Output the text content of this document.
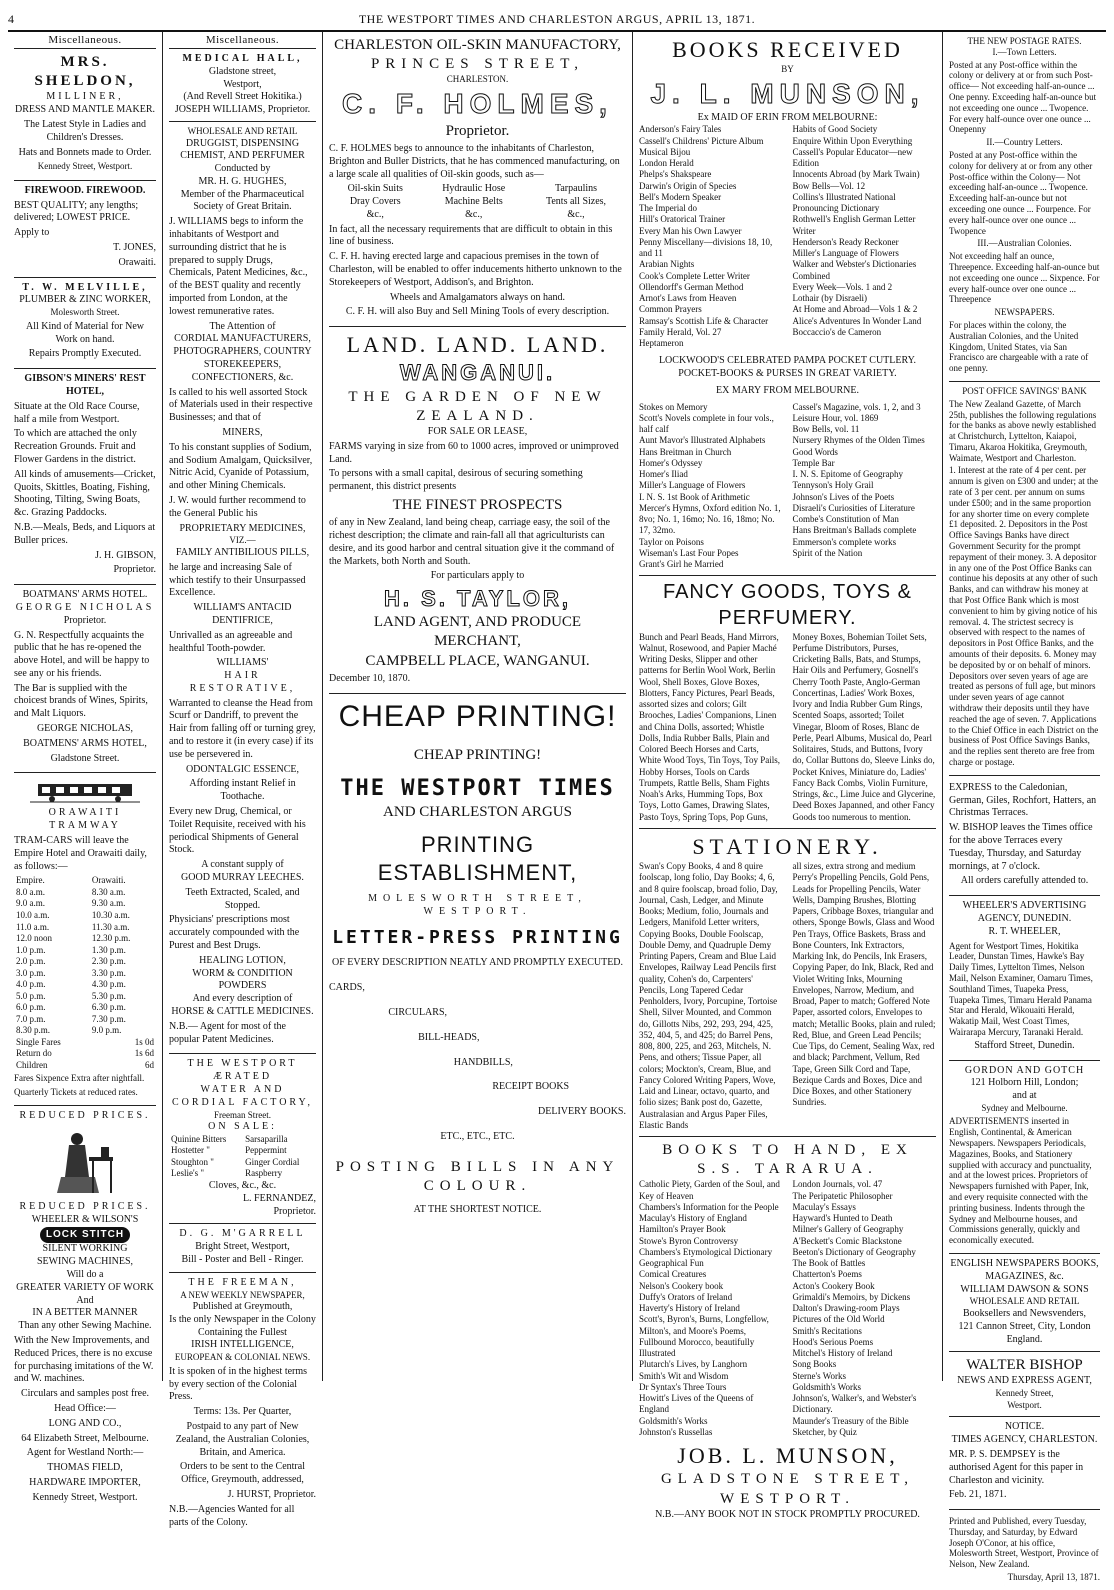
4	THE WESTPORT TIMES AND CHARLESTON ARGUS, APRIL 13, 1871.
Miscellaneous.
MRS. SHELDON,
MILLINER,
DRESS AND MANTLE MAKER.

The Latest Style in Ladies and Children's Dresses.

Hats and Bonnets made to Order.

Kennedy Street, Westport.

FIREWOOD. FIREWOOD.

BEST QUALITY; any lengths; delivered; LOWEST PRICE.

Apply to

T. JONES,

Orawaiti.

T. W. MELVILLE,
PLUMBER & ZINC WORKER,
Molesworth Street.

All Kind of Material for New Work on hand.

Repairs Promptly Executed.

GIBSON'S MINERS' REST HOTEL,

Situate at the Old Race Course, half a mile from Westport.

To which are attached the only Recreation Grounds. Fruit and Flower Gardens in the district.

All kinds of amusements—Cricket, Quoits, Skittles, Boating, Fishing, Shooting, Tilting, Swing Boats, &c. Grazing Paddocks.

N.B.—Meals, Beds, and Liquors at Buller prices.

J. H. GIBSON,

Proprietor.

BOATMANS' ARMS HOTEL.
GEORGE NICHOLAS
Proprietor.

G. N. Respectfully acquaints the public that he has re-opened the above Hotel, and will be happy to see any or his friends.

The Bar is supplied with the choicest brands of Wines, Spirits, and Malt Liquors.

GEORGE NICHOLAS,

BOATMENS' ARMS HOTEL,

Gladstone Street.

ORAWAITI TRAMWAY

TRAM-CARS will leave the Empire Hotel and Orawaiti daily, as follows:—

Empire.	Orawaiti.
8.0 a.m.	8.30 a.m.
9.0 a.m.	9.30 a.m.
10.0 a.m.	10.30 a.m.
11.0 a.m.	11.30 a.m.
12.0 noon	12.30 p.m.
1.0 p.m.	1.30 p.m.
2.0 p.m.	2.30 p.m.
3.0 p.m.	3.30 p.m.
4.0 p.m.	4.30 p.m.
5.0 p.m.	5.30 p.m.
6.0 p.m.	6.30 p.m.
7.0 p.m.	7.30 p.m.
8.30 p.m.	9.0 p.m.
Single Fares	1s 0d
Return do	1s 6d
Children	6d

Fares Sixpence Extra after nightfall.

Quarterly Tickets at reduced rates.

REDUCED PRICES.
REDUCED PRICES.
WHEELER & WILSON'S
LOCK STITCH
SILENT WORKING
SEWING MACHINES,
Will do a
GREATER VARIETY OF WORK
And
IN A BETTER MANNER
Than any other Sewing Machine.

With the New Improvements, and Reduced Prices, there is no excuse for purchasing imitations of the W. and W. machines.

Circulars and samples post free.

Head Office:—

LONG AND CO.,

64 Elizabeth Street, Melbourne.

Agent for Westland North:—

THOMAS FIELD,

HARDWARE IMPORTER,

Kennedy Street, Westport.

Miscellaneous.
MEDICAL HALL,
Gladstone street,
Westport,
(And Revell Street Hokitika.)
JOSEPH WILLIAMS, Proprietor.
WHOLESALE AND RETAIL
DRUGGIST, DISPENSING
CHEMIST, AND PERFUMER
Conducted by
MR. H. G. HUGHES,
Member of the Pharmaceutical Society of Great Britain.

J. WILLIAMS begs to inform the inhabitants of Westport and surrounding district that he is prepared to supply Drugs, Chemicals, Patent Medicines, &c., of the BEST quality and recently imported from London, at the lowest remunerative rates.

The Attention of
CORDIAL MANUFACTURERS, PHOTOGRAPHERS, COUNTRY STOREKEEPERS, CONFECTIONERS, &c.

Is called to his well assorted Stock of Materials used in their respective Businesses; and that of

MINERS,

To his constant supplies of Sodium, and Sodium Amalgam, Quicksilver, Nitric Acid, Cyanide of Potassium, and other Mining Chemicals.

J. W. would further recommend to the General Public his

PROPRIETARY MEDICINES,
VIZ.—
FAMILY ANTIBILIOUS PILLS,

he large and increasing Sale of which testify to their Unsurpassed Excellence.

WILLIAM'S ANTACID DENTIFRICE,

Unrivalled as an agreeable and healthful Tooth-powder.

WILLIAMS'
HAIR RESTORATIVE,

Warranted to cleanse the Head from Scurf or Dandriff, to prevent the Hair from falling off or turning grey, and to restore it (in every case) if its use be persevered in.

ODONTALGIC ESSENCE,

Affording instant Relief in Toothache.

Every new Drug, Chemical, or Toilet Requisite, received with his periodical Shipments of General Stock.

A constant supply of
GOOD MURRAY LEECHES.

Teeth Extracted, Scaled, and Stopped.

Physicians' prescriptions most accurately compounded with the Purest and Best Drugs.

HEALING LOTION,
WORM & CONDITION POWDERS
And every description of
HORSE & CATTLE MEDICINES.

N.B.— Agent for most of the popular Patent Medicines.

THE WESTPORT ÆRATED
WATER AND
CORDIAL FACTORY,
Freeman Street.
ON SALE:
Quinine Bitters	Sarsaparilla
Hostetter "	Peppermint
Stoughton "	Ginger Cordial
Leslie's "	Raspberry
Cloves, &c., &c.
L. FERNANDEZ,
Proprietor.
D. G. M'GARRELL
Bright Street, Westport,
Bill - Poster and Bell - Ringer.
THE FREEMAN,
A NEW WEEKLY NEWSPAPER,
Published at Greymouth,
Is the only Newspaper in the Colony
Containing the Fullest
IRISH INTELLIGENCE,
EUROPEAN & COLONIAL NEWS.

It is spoken of in the highest terms by every section of the Colonial Press.

Terms: 13s. Per Quarter,

Postpaid to any part of New Zealand, the Australian Colonies, Britain, and America.

Orders to be sent to the Central Office, Greymouth, addressed,

J. HURST, Proprietor.

N.B.—Agencies Wanted for all parts of the Colony.

CHARLESTON OIL-SKIN MANUFACTORY,
PRINCES STREET,
CHARLESTON.
C. F. HOLMES,
Proprietor.

C. F. HOLMES begs to announce to the inhabitants of Charleston, Brighton and Buller Districts, that he has commenced manufacturing, on a large scale all qualities of Oil-skin goods, such as—

Oil-skin Suits	Hydraulic Hose	Tarpaulins
Dray Covers	Machine Belts	Tents all Sizes,
&c.,	&c.,	&c.,

In fact, all the necessary requirements that are difficult to obtain in this line of business.

C. F. H. having erected large and capacious premises in the town of Charleston, will be enabled to offer inducements hitherto unknown to the Storekeepers of Westport, Addison's, and Brighton.

Wheels and Amalgamators always on hand.

C. F. H. will also Buy and Sell Mining Tools of every description.

LAND. LAND. LAND.
WANGANUI.
THE GARDEN OF NEW ZEALAND.
FOR SALE OR LEASE,

FARMS varying in size from 60 to 1000 acres, improved or unimproved Land.

To persons with a small capital, desirous of securing something permanent, this district presents

THE FINEST PROSPECTS

of any in New Zealand, land being cheap, carriage easy, the soil of the richest description; the climate and rain-fall all that agriculturists can desire, and its good harbor and central situation give it the command of the Markets, both North and South.

For particulars apply to

H. S. TAYLOR,
LAND AGENT, AND PRODUCE MERCHANT,
CAMPBELL PLACE, WANGANUI.

December 10, 1870.

CHEAP PRINTING!
CHEAP PRINTING!
THE WESTPORT TIMES
AND CHARLESTON ARGUS
PRINTING ESTABLISHMENT,
MOLESWORTH STREET, WESTPORT.
LETTER-PRESS PRINTING
OF EVERY DESCRIPTION NEATLY AND PROMPTLY EXECUTED.
CARDS,
CIRCULARS,
BILL-HEADS,
HANDBILLS,
RECEIPT BOOKS
DELIVERY BOOKS.
ETC., ETC., ETC.
POSTING BILLS IN ANY COLOUR.
AT THE SHORTEST NOTICE.
BOOKS RECEIVED
BY
J. L. MUNSON,
Ex MAID OF ERIN FROM MELBOURNE:

Anderson's Fairy Tales

Cassell's Childrens' Picture Album

Musical Bijou

London Herald

Phelps's Shakspeare

Darwin's Origin of Species

Bell's Modern Speaker

The Imperial do

Hill's Oratorical Trainer

Every Man his Own Lawyer

Penny Miscellany—divisions 18, 10, and 11

Arabian Nights

Cook's Complete Letter Writer

Ollendorff's German Method

Arnot's Laws from Heaven

Common Prayers

Ramsay's Scottish Life & Character

Family Herald, Vol. 27

Heptameron

Habits of Good Society

Enquire Within Upon Everything

Cassell's Popular Educator—new Edition

Innocents Abroad (by Mark Twain)

Bow Bells—Vol. 12

Collins's Illustrated National Pronouncing Dictionary

Rothwell's English German Letter Writer

Henderson's Ready Reckoner

Miller's Language of Flowers

Walker and Webster's Dictionaries Combined

Every Week—Vols. 1 and 2

Lothair (by Disraeli)

At Home and Abroad—Vols 1 & 2

Alice's Adventures In Wonder Land

Boccaccio's de Cameron

LOCKWOOD'S CELEBRATED PAMPA POCKET CUTLERY.
POCKET-BOOKS & PURSES IN GREAT VARIETY.
EX MARY FROM MELBOURNE.

Stokes on Memory

Scott's Novels complete in four vols., half calf

Aunt Mavor's Illustrated Alphabets

Hans Breitman in Church

Homer's Odyssey

Homer's Iliad

Miller's Language of Flowers

I. N. S. 1st Book of Arithmetic

Mercer's Hymns, Oxford edition No. 1, 8vo; No. 1, 16mo; No. 16, 18mo; No. 17, 32mo.

Taylor on Poisons

Wiseman's Last Four Popes

Grant's Girl he Married

Cassel's Magazine, vols. 1, 2, and 3

Leisure Hour, vol. 1869

Bow Bells, vol. 11

Nursery Rhymes of the Olden Times

Good Words

Temple Bar

I. N. S. Epitome of Geography

Tennyson's Holy Grail

Johnson's Lives of the Poets

Disraeli's Curiosities of Literature

Combe's Constitution of Man

Hans Breitman's Ballads complete

Emmerson's complete works

Spirit of the Nation

FANCY GOODS, TOYS & PERFUMERY.

Bunch and Pearl Beads, Hand Mirrors, Walnut, Rosewood, and Papier Maché Writing Desks, Slipper and other patterns for Berlin Wool Work, Berlin Wool, Shell Boxes, Glove Boxes, Blotters, Fancy Pictures, Pearl Beads, assorted sizes and colors; Gilt Brooches, Ladies' Companions, Linen and China Dolls, assorted; Whistle Dolls, India Rubber Balls, Plain and Colored Beech Horses and Carts, White Wood Toys, Tin Toys, Toy Pails, Hobby Horses, Tools on Cards Trumpets, Rattle Bells, Sham Fights Noah's Arks, Humming Tops, Box Toys, Lotto Games, Drawing Slates, Pasto Toys, Spring Tops, Pop Guns,

Money Boxes, Bohemian Toilet Sets, Perfume Distributors, Purses, Cricketing Balls, Bats, and Stumps, Hair Oils and Perfumery, Gosnell's Cherry Tooth Paste, Anglo-German Concertinas, Ladies' Work Boxes, Ivory and India Rubber Gum Rings, Scented Soaps, assorted; Toilet Vinegar, Bloom of Roses, Blanc de Perle, Pearl Albums, Musical do, Pearl Solitaires, Studs, and Buttons, Ivory do, Collar Buttons do, Sleeve Links do, Pocket Knives, Miniature do, Ladies' Fancy Back Combs, Violin Furniture, Strings, &c., Lime Juice and Glycerine, Deed Boxes Japanned, and other Fancy Goods too numerous to mention.

STATIONERY.

Swan's Copy Books, 4 and 8 quire foolscap, long folio, Day Books; 4, 6, and 8 quire foolscap, broad folio, Day, Journal, Cash, Ledger, and Minute Books; Medium, folio, Journals and Ledgers, Manifold Letter writers, Copying Books, Double Foolscap, Double Demy, and Quadruple Demy Printing Papers, Cream and Blue Laid Envelopes, Railway Lead Pencils first quality, Cohen's do, Carpenters' Pencils, Long Tapered Cedar Penholders, Ivory, Porcupine, Tortoise Shell, Silver Mounted, and Common do, Gillotts Nibs, 292, 293, 294, 425, 352, 404, 5, and 425; do Barrel Pens, 808, 800, 225, and 263, Mitchels, N. Pens, and others; Tissue Paper, all colors; Mockton's, Cream, Blue, and Fancy Colored Writing Papers, Wove, Laid and Linear, octavo, quarto, and folio sizes; Bank post do, Gazette, Australasian and Argus Paper Files, Elastic Bands

all sizes, extra strong and medium Perry's Propelling Pencils, Gold Pens, Leads for Propelling Pencils, Water Wells, Damping Brushes, Blotting Papers, Cribbage Boxes, triangular and others, Sponge Bowls, Glass and Wood Pen Trays, Office Baskets, Brass and Bone Counters, Ink Extractors, Marking Ink, do Pencils, Ink Erasers, Copying Paper, do Ink, Black, Red and Violet Writing Inks, Mourning Envelopes, Narrow, Medium, and Broad, Paper to match; Goffered Note Paper, assorted colors, Envelopes to match; Metallic Books, plain and ruled; Red, Blue, and Green Lead Pencils; Cue Tips, do Cement, Sealing Wax, red and black; Parchment, Vellum, Red Tape, Green Silk Cord and Tape, Bezique Cards and Boxes, Dice and Dice Boxes, and other Stationery Sundries.

BOOKS TO HAND, EX S.S. TARARUA.

Catholic Piety, Garden of the Soul, and Key of Heaven

Chambers's Information for the People

Maculay's History of England

Hamilton's Prayer Book

Stowe's Byron Controversy

Chambers's Etymological Dictionary

Geographical Fun

Comical Creatures

Nelson's Cookery book

Duffy's Orators of Ireland

Haverty's History of Ireland

Scott's, Byron's, Burns, Longfellow, Milton's, and Moore's Poems, Fullbound Morocco, beautifully Illustrated

Plutarch's Lives, by Langhorn

Smith's Wit and Wisdom

Dr Syntax's Three Tours

Howitt's Lives of the Queens of England

Goldsmith's Works

Johnston's Russellas

London Journals, vol. 47

The Peripatetic Philosopher

Maculay's Essays

Hayward's Hunted to Death

Milner's Gallery of Geography

A'Beckett's Comic Blackstone

Beeton's Dictionary of Geography

The Book of Battles

Chatterton's Poems

Acton's Cookery Book

Grimaldi's Memoirs, by Dickens

Dalton's Drawing-room Plays

Pictures of the Old World

Smith's Recitations

Hood's Serious Poems

Mitchel's History of Ireland

Song Books

Sterne's Works

Goldsmith's Works

Johnson's, Walker's, and Webster's Dictionary.

Maunder's Treasury of the Bible

Sketcher, by Quiz

JOB. L. MUNSON,
GLADSTONE STREET, WESTPORT.
N.B.—ANY BOOK NOT IN STOCK PROMPTLY PROCURED.
THE NEW POSTAGE RATES.
I.—Town Letters.

Posted at any Post-office within the colony or delivery at or from such Post-office— Not exceeding half-an-ounce ... One penny. Exceeding half-an-ounce but not exceeding one ounce ... Twopence. For every half-ounce over one ounce ... Onepenny

II.—Country Letters.

Posted at any Post-office within the colony for delivery at or from any other Post-office within the Colony— Not exceeding half-an-ounce ... Twopence. Exceeding half-an-ounce but not exceeding one ounce ... Fourpence. For every half-ounce over one ounce ... Twopence

III.—Australian Colonies.

Not exceeding half an ounce, Threepence. Exceeding half-an-ounce but not exceeding one ounce ... Sixpence. For every half-ounce over one ounce ... Threepence

NEWSPAPERS.

For places within the colony, the Australian Colonies, and the United Kingdom, United States, via San Francisco are chargeable with a rate of one penny.

POST OFFICE SAVINGS' BANK

The New Zealand Gazette, of March 25th, publishes the following regulations for the banks as above newly established at Christchurch, Lyttelton, Kaiapoi, Timaru, Akaroa Hokitika, Greymouth, Waimate, Westport and Charleston.

1. Interest at the rate of 4 per cent. per annum is given on £300 and under; at the rate of 3 per cent. per annum on sums under £500; and in the same proportion for any shorter time on every complete £1 deposited. 2. Depositors in the Post Office Savings Banks have direct Government Security for the prompt repayment of their money. 3. A depositor in any one of the Post Office Banks can continue his deposits at any other of such Banks, and can withdraw his money at that Post Office Bank which is most convenient to him by giving notice of his removal. 4. The strictest secrecy is observed with respect to the names of depositors in Post Office Banks, and the amounts of their deposits. 6. Money may be deposited by or on behalf of minors. Depositors over seven years of age are treated as persons of full age, but minors under seven years of age cannot withdraw their deposits until they have reached the age of seven. 7. Applications to the Chief Office in each District on the business of Post Office Savings Banks, and the replies sent thereto are free from charge or postage.

EXPRESS to the Caledonian, German, Giles, Rochfort, Hatters, an Christmas Terraces.

W. BISHOP leaves the Times office for the above Terraces every Tuesday, Thursday, and Saturday mornings, at 7 o'clock.

All orders carefully attended to.

WHEELER'S ADVERTISING AGENCY, DUNEDIN.
R. T. WHEELER,

Agent for Westport Times, Hokitika Leader, Dunstan Times, Hawke's Bay Daily Times, Lyttelton Times, Nelson Mail, Nelson Examiner, Oamaru Times, Southland Times, Tuapeka Press, Tuapeka Times, Timaru Herald Panama Star and Herald, Wikouaiti Herald, Wakatip Mail, West Coast Times, Wairarapa Mercury, Taranaki Herald.

Stafford Street, Dunedin.

GORDON AND GOTCH
121 Holborn Hill, London;
and at
Sydney and Melbourne.

ADVERTISEMENTS inserted in English, Continental, & American Newspapers. Newspapers Periodicals, Magazines, Books, and Stationery supplied with accuracy and punctuality, and at the lowest prices. Proprietors of Newspapers furnished with Paper, Ink, and every requisite connected with the printing business. Indents through the Sydney and Melbourne houses, and Commissions generally, quickly and economically executed.

ENGLISH NEWSPAPERS BOOKS, MAGAZINES, &c.
WILLIAM DAWSON & SONS
WHOLESALE AND RETAIL
Booksellers and Newsvenders,
121 Cannon Street, City, London England.
WALTER BISHOP
NEWS AND EXPRESS AGENT,
Kennedy Street,
Westport.
NOTICE.
TIMES AGENCY, CHARLESTON.

MR. P. S. DEMPSEY is the authorised Agent for this paper in Charleston and vicinity.

Feb. 21, 1871.

Printed and Published, every Tuesday, Thursday, and Saturday, by Edward Joseph O'Conor, at his office, Molesworth Street, Westport, Province of Nelson, New Zealand.

Thursday, April 13, 1871.
